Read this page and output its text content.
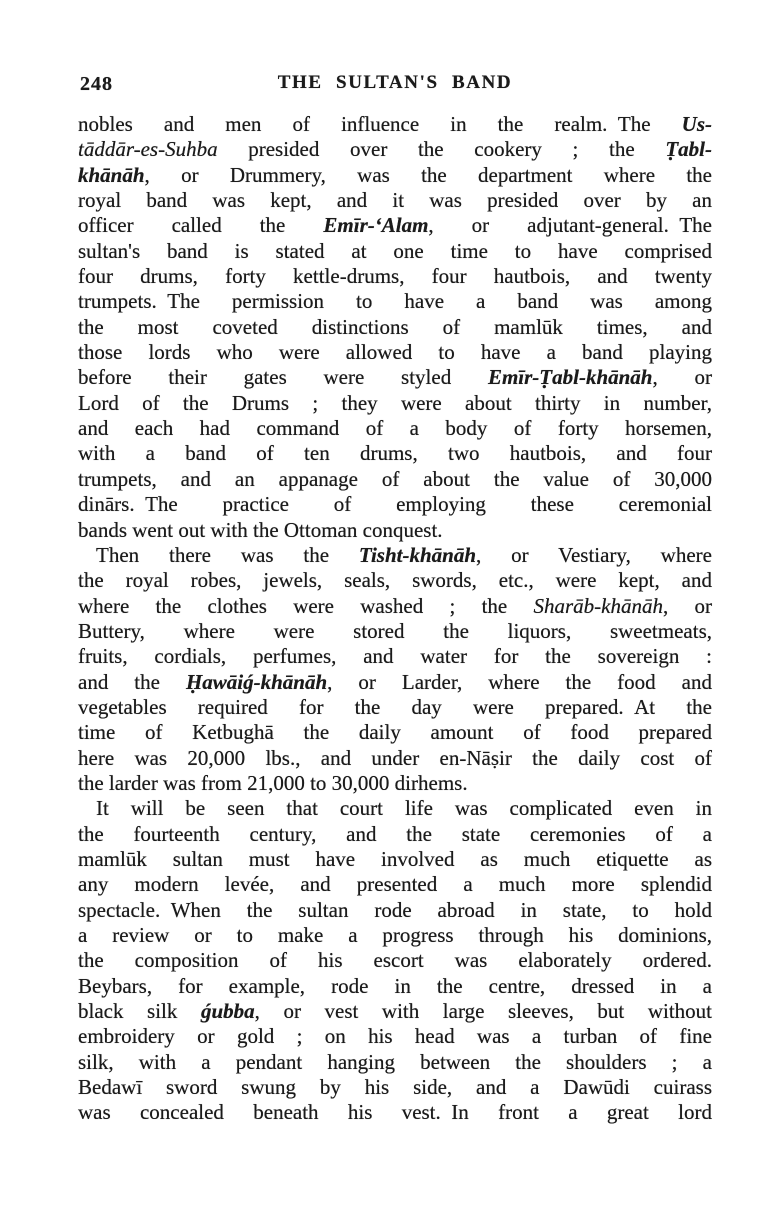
248	THE SULTAN'S BAND
nobles and men of influence in the realm. The Us-
tāddār-es-Suhba presided over the cookery ; the Ṭabl-
khānāh, or Drummery, was the department where the
royal band was kept, and it was presided over by an
officer called the Emīr-‘Alam, or adjutant-general. The
sultan's band is stated at one time to have comprised
four drums, forty kettle-drums, four hautbois, and twenty
trumpets. The permission to have a band was among
the most coveted distinctions of mamlūk times, and
those lords who were allowed to have a band playing
before their gates were styled Emīr-Ṭabl-khānāh, or
Lord of the Drums ; they were about thirty in number,
and each had command of a body of forty horsemen,
with a band of ten drums, two hautbois, and four
trumpets, and an appanage of about the value of 30,000
dinārs. The practice of employing these ceremonial
bands went out with the Ottoman conquest.
Then there was the Tisht-khānāh, or Vestiary, where
the royal robes, jewels, seals, swords, etc., were kept, and
where the clothes were washed ; the Sharāb-khānāh, or
Buttery, where were stored the liquors, sweetmeats,
fruits, cordials, perfumes, and water for the sovereign :
and the Ḥawāiǵ-khānāh, or Larder, where the food and
vegetables required for the day were prepared. At the
time of Ketbughā the daily amount of food prepared
here was 20,000 lbs., and under en-Nāṣir the daily cost of
the larder was from 21,000 to 30,000 dirhems.
It will be seen that court life was complicated even in
the fourteenth century, and the state ceremonies of a
mamlūk sultan must have involved as much etiquette as
any modern levée, and presented a much more splendid
spectacle. When the sultan rode abroad in state, to hold
a review or to make a progress through his dominions,
the composition of his escort was elaborately ordered.
Beybars, for example, rode in the centre, dressed in a
black silk ǵubba, or vest with large sleeves, but without
embroidery or gold ; on his head was a turban of fine
silk, with a pendant hanging between the shoulders ; a
Bedawī sword swung by his side, and a Dawūdi cuirass
was concealed beneath his vest. In front a great lord
